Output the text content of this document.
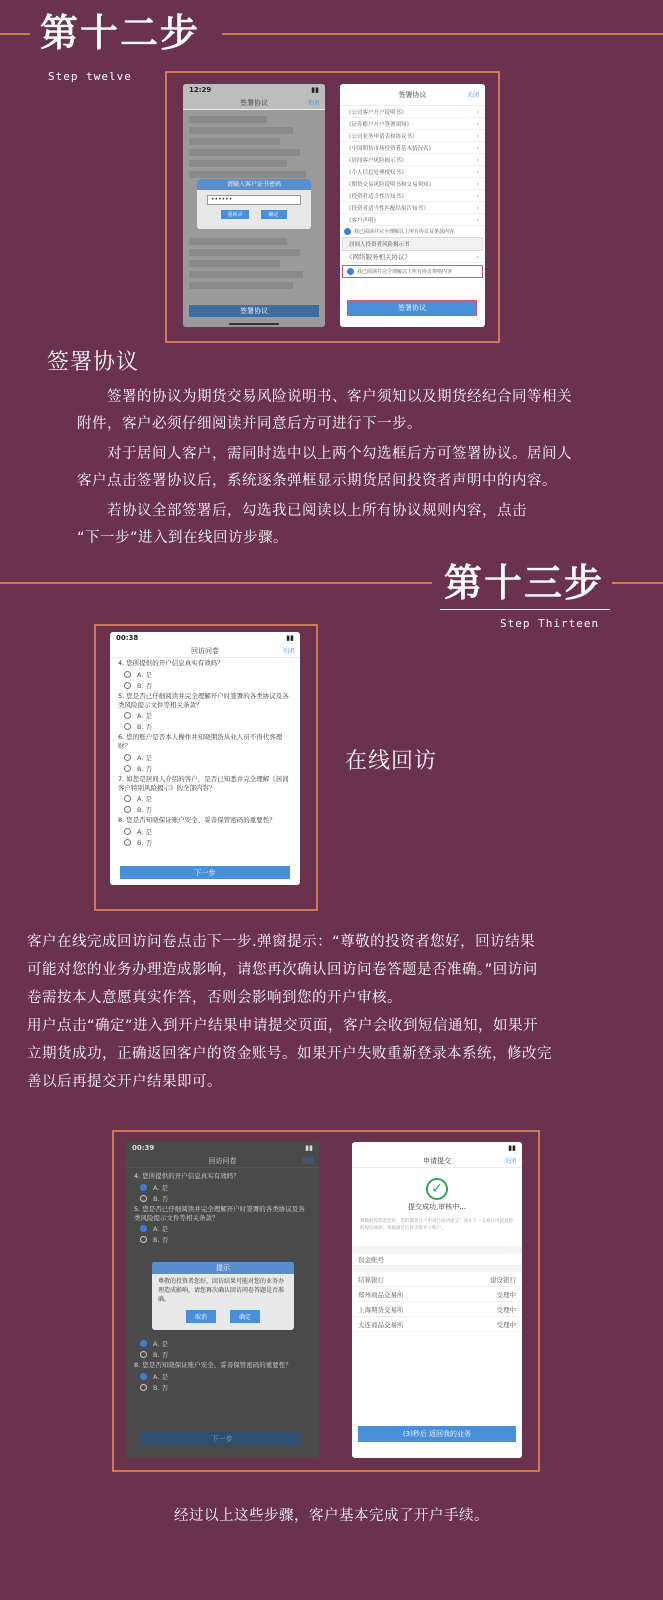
第十二步
Step twelve
12:29	▮▮
签署协议	关闭
请输入客户证书密码
••••••
重新录	确定
签署协议
签署协议	关闭
《公司客户开户说明书》	›
《证券账户开户签署须知》	›
《公司业务申请表和协议书》	›
《中国期货市场投资者基本情况表》	›
《居间客户风险揭示书》	›
《个人信息处理授权书》	›
《期货交易风险说明书和交易须知》	›
《投资者适当性告知书》	›
《投资者适当性匹配结果告知书》	›
《客户声明》	›
我已阅读并完全理解以上所有协议及条款内容
居间人投资者风险揭示书
《网络服务相关协议》	›
我已阅读并完全理解以上所有协议规则内容
签署协议
签署协议
签署的协议为期货交易风险说明书、客户须知以及期货经纪合同等相关
附件，客户必须仔细阅读并同意后方可进行下一步。
对于居间人客户，需同时选中以上两个勾选框后方可签署协议。居间人
客户点击签署协议后，系统逐条弹框显示期货居间投资者声明中的内容。
若协议全部签署后，勾选我已阅读以上所有协议规则内容，点击
“下一步”进入到在线回访步骤。
第十三步
Step Thirteen
00:38	▮▮
回访问卷	关闭
4. 您所提供的开户信息真实有效吗？
A. 是
B. 否
5. 您是否已仔细阅读并完全理解开户时签署的各类协议及各类风险提示文件等相关条款？
A. 是
B. 否
6. 您的账户是否本人操作并知晓期货从业人员不得代客理财？
A. 是
B. 否
7. 如您是居间人介绍的客户，是否已知悉并完全理解《居间客户特别风险揭示》的全部内容？
A. 是
B. 否
8. 您是否知晓保证账户安全、妥善保管密码的重要性？
A. 是
B. 否
下一步
在线回访
客户在线完成回访问卷点击下一步.弹窗提示：“尊敬的投资者您好，回访结果
可能对您的业务办理造成影响，请您再次确认回访问卷答题是否准确。”回访问
卷需按本人意愿真实作答，否则会影响到您的开户审核。
用户点击“确定”进入到开户结果申请提交页面，客户会收到短信通知，如果开
立期货成功，正确返回客户的资金账号。如果开户失败重新登录本系统，修改完
善以后再提交开户结果即可。
00:39	▮▮
回访问卷	关闭
4. 您所提供的开户信息真实有效吗？
A. 是
B. 否
5. 您是否已仔细阅读并完全理解开户时签署的各类协议及各类风险提示文件等相关条款？
A. 是
B. 否
提示
尊敬的投资者您好，回访结果可能对您的业务办理造成影响，请您再次确认回访问卷答题是否准确。
取消	确定
A. 是
B. 否
8. 您是否知晓保证账户安全、妥善保管密码的重要性？
A. 是
B. 否
下一步
▮▮
申请提交	关闭
✓
提交成功,审核中...
尊敬的投资者您好，您的期货开户申请已成功提交！请在下一交易日内留意您的短信通知，审核通过后将为您开立账户。
资金账号
结算银行	建设银行
郑州商品交易所	受理中
上海期货交易所	受理中
大连商品交易所	受理中
(3)秒后 返回我的业务
经过以上这些步骤，客户基本完成了开户手续。
